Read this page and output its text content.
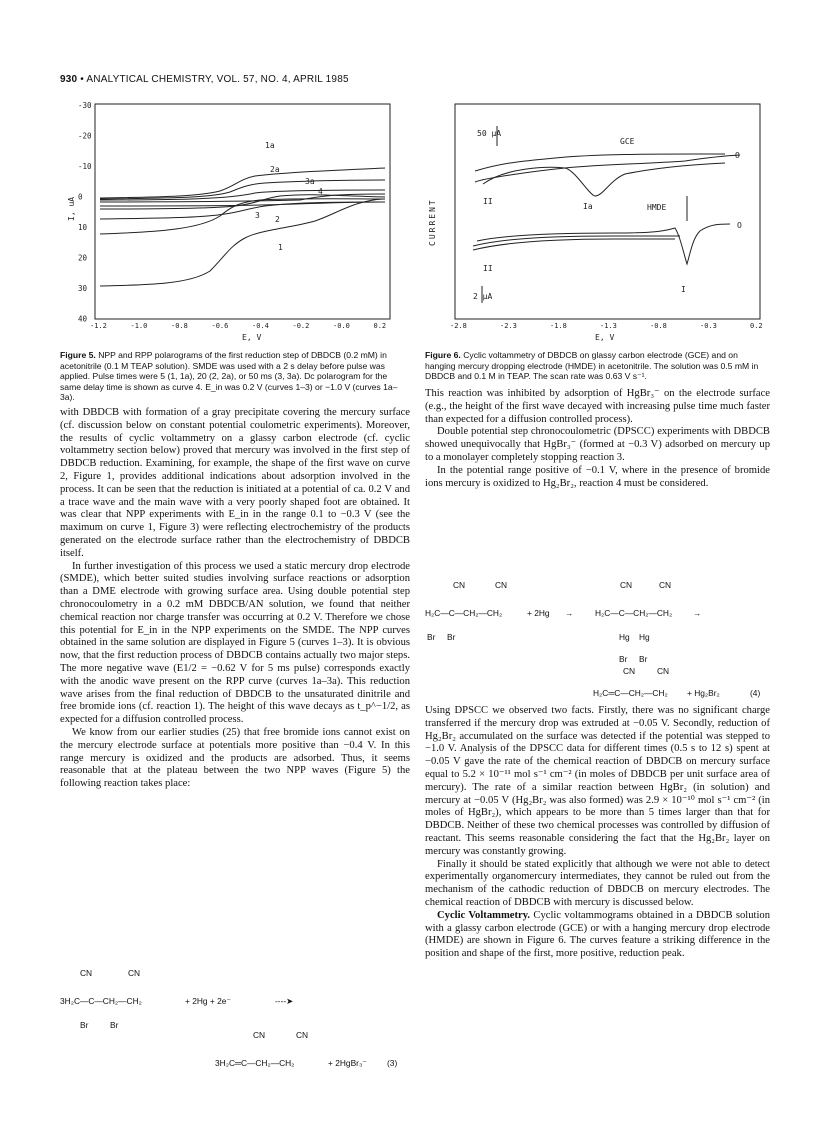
930 • ANALYTICAL CHEMISTRY, VOL. 57, NO. 4, APRIL 1985
-30
-20
-10
0
10
20
30
40
-1.2	-1.0	-0.8	-0.6	-0.4	-0.2	-0.0	0.2
I, uA
E, V
1a
2a
3a
4
3 2
1
Figure 5. NPP and RPP polarograms of the first reduction step of DBDCB (0.2 mM) in acetonitrile (0.1 M TEAP solution). SMDE was used with a 2 s delay before pulse was applied. Pulse times were 5 (1, 1a), 20 (2, 2a), or 50 ms (3, 3a). Dc polarogram for the same delay time is shown as curve 4. E_in was 0.2 V (curves 1–3) or −1.0 V (curves 1a–3a).
-2.8	-2.3	-1.8	-1.3	-0.8	-0.3	0.2
CURRENT
E, V
50 μA
GCE
II
Ia	HMDE
II
I
2 μA
O
O
Figure 6. Cyclic voltammetry of DBDCB on glassy carbon electrode (GCE) and on hanging mercury dropping electrode (HMDE) in acetonitrile. The solution was 0.5 mM in DBDCB and 0.1 M in TEAP. The scan rate was 0.63 V s⁻¹.

with DBDCB with formation of a gray precipitate covering the mercury surface (cf. discussion below on constant potential coulometric experiments). Moreover, the results of cyclic voltammetry on a glassy carbon electrode (cf. cyclic voltammetry section below) proved that mercury was involved in the first step of DBDCB reduction. Examining, for example, the shape of the first wave on curve 2, Figure 1, provides additional indications about adsorption involved in the process. It can be seen that the reduction is initiated at a potential of ca. 0.2 V and a trace wave and the main wave with a very poorly shaped foot are obtained. It was clear that NPP experiments with E_in in the range 0.1 to −0.3 V (see the maximum on curve 1, Figure 3) were reflecting electrochemistry of the products generated on the electrode surface rather than the electrochemistry of DBDCB itself.

In further investigation of this process we used a static mercury drop electrode (SMDE), which better suited studies involving surface reactions or adsorption than a DME electrode with growing surface area. Using double potential step chronocoulometry in a 0.2 mM DBDCB/AN solution, we found that neither chemical reaction nor charge transfer was occurring at 0.2 V. Therefore we chose this potential for E_in in the NPP experiments on the SMDE. The NPP curves obtained in the same solution are displayed in Figure 5 (curves 1–3). It is obvious now, that the first reduction process of DBDCB contains actually two major steps. The more negative wave (E1/2 = −0.62 V for 5 ms pulse) corresponds exactly with the anodic wave present on the RPP curve (curves 1a–3a). This reduction wave arises from the final reduction of DBDCB to the unsaturated dinitrile and free bromide ions (cf. reaction 1). The height of this wave decays as t_p^−1/2, as expected for a diffusion controlled process.

We know from our earlier studies (25) that free bromide ions cannot exist on the mercury electrode surface at potentials more positive than −0.4 V. In this range mercury is oxidized and the products are adsorbed. Thus, it seems reasonable that at the plateau between the two NPP waves (Figure 5) the following reaction takes place:

CN	CN
3H₂C—C—CH₂—CH₂	+ 2Hg + 2e⁻	----➤
Br	Br
CN	CN
3H₂C═C—CH₂—CH₂	+ 2HgBr₃⁻ (3)

This reaction was inhibited by adsorption of HgBr₃⁻ on the electrode surface (e.g., the height of the first wave decayed with increasing pulse time much faster than expected for a diffusion controlled process).

Double potential step chronocoulometric (DPSCC) experiments with DBDCB showed unequivocally that HgBr₃⁻ (formed at −0.3 V) adsorbed on mercury up to a monolayer completely stopping reaction 3.

In the potential range positive of −0.1 V, where in the presence of bromide ions mercury is oxidized to Hg₂Br₂, reaction 4 must be considered.

CN	CN
H₂C—C—CH₂—CH₂	+ 2Hg →	H₂C—C—CH₂—CH₂ →
CN	CN
Br Br	Hg Hg
Br Br
CN	CN
H₂C═C—CH₂—CH₂ + Hg₂Br₂	(4)

Using DPSCC we observed two facts. Firstly, there was no significant charge transferred if the mercury drop was extruded at −0.05 V. Secondly, reduction of Hg₂Br₂ accumulated on the surface was detected if the potential was stepped to −1.0 V. Analysis of the DPSCC data for different times (0.5 s to 12 s) spent at −0.05 V gave the rate of the chemical reaction of DBDCB on mercury surface equal to 5.2 × 10⁻¹¹ mol s⁻¹ cm⁻² (in moles of DBDCB per unit surface area of mercury). The rate of a similar reaction between HgBr₂ (in solution) and mercury at −0.05 V (Hg₂Br₂ was also formed) was 2.9 × 10⁻¹⁰ mol s⁻¹ cm⁻² (in moles of HgBr₂), which appears to be more than 5 times larger than that for DBDCB. Neither of these two chemical processes was controlled by diffusion of reactant. This seems reasonable considering the fact that the Hg₂Br₂ layer on mercury was constantly growing.

Finally it should be stated explicitly that although we were not able to detect experimentally organomercury intermediates, they cannot be ruled out from the mechanism of the cathodic reduction of DBDCB on mercury electrodes. The chemical reaction of DBDCB with mercury is discussed below.

Cyclic Voltammetry. Cyclic voltammograms obtained in a DBDCB solution with a glassy carbon electrode (GCE) or with a hanging mercury drop electrode (HMDE) are shown in Figure 6. The curves feature a striking difference in the position and shape of the first, more positive, reduction peak.
